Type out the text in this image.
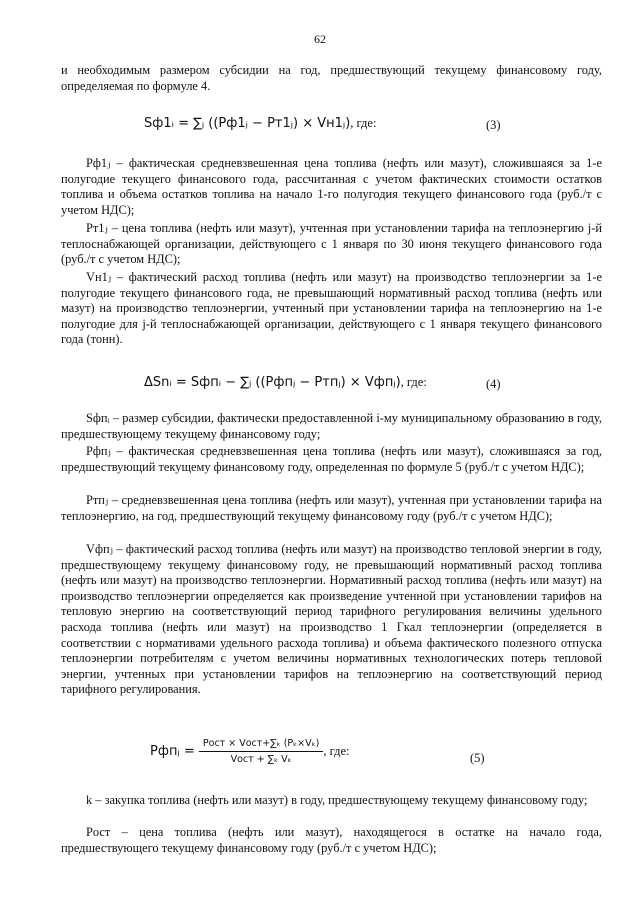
62
и необходимым размером субсидии на год, предшествующий текущему финансовому году, определяемая по формуле 4.
Sф1ᵢ = ∑ⱼ ((Рф1ⱼ − Рт1ⱼ) × Vн1ⱼ), где:	(3)
Рф1ⱼ – фактическая средневзвешенная цена топлива (нефть или мазут), сложившаяся за 1-е полугодие текущего финансового года, рассчитанная с учетом фактических стоимости остатков топлива и объема остатков топлива на начало 1-го полугодия текущего финансового года (руб./т с учетом НДС);
Рт1ⱼ – цена топлива (нефть или мазут), учтенная при установлении тарифа на теплоэнергию j-й теплоснабжающей организации, действующего с 1 января по 30 июня текущего финансового года (руб./т с учетом НДС);
Vн1ⱼ – фактический расход топлива (нефть или мазут) на производство теплоэнергии за 1-е полугодие текущего финансового года, не превышающий нормативный расход топлива (нефть или мазут) на производство теплоэнергии, учтенный при установлении тарифа на теплоэнергию на 1-е полугодие для j-й теплоснабжающей организации, действующего с 1 января текущего финансового года (тонн).
ΔSnᵢ = Sфпᵢ − ∑ⱼ ((Рфпⱼ − Ртпⱼ) × Vфпⱼ), где:	(4)
Sфпᵢ – размер субсидии, фактически предоставленной i-му муниципальному образованию в году, предшествующему текущему финансовому году;
Рфпⱼ – фактическая средневзвешенная цена топлива (нефть или мазут), сложившаяся за год, предшествующий текущему финансовому году, определенная по формуле 5 (руб./т с учетом НДС);
Ртпⱼ – средневзвешенная цена топлива (нефть или мазут), учтенная при установлении тарифа на теплоэнергию, на год, предшествующий текущему финансовому году (руб./т с учетом НДС);
Vфпⱼ – фактический расход топлива (нефть или мазут) на производство тепловой энергии в году, предшествующему текущему финансовому году, не превышающий нормативный расход топлива (нефть или мазут) на производство теплоэнергии. Нормативный расход топлива (нефть или мазут) на производство теплоэнергии определяется как произведение учтенной при установлении тарифов на тепловую энергию на соответствующий период тарифного регулирования величины удельного расхода топлива (нефть или мазут) на производство 1 Гкал теплоэнергии (определяется в соответствии с нормативами удельного расхода топлива) и объема фактического полезного отпуска теплоэнергии потребителям с учетом величины нормативных технологических потерь тепловой энергии, учтенных при установлении тарифов на теплоэнергию на соответствующий период тарифного регулирования.
Рфпⱼ = $\frac{\text{Pост × Vост+∑ₖ (Pₖ×Vₖ)}}{\text{Vост + ∑ₖ Vₖ}}$ , где:	(5)
k – закупка топлива (нефть или мазут) в году, предшествующему текущему финансовому году;
Pост – цена топлива (нефть или мазут), находящегося в остатке на начало года, предшествующего текущему финансовому году (руб./т с учетом НДС);
